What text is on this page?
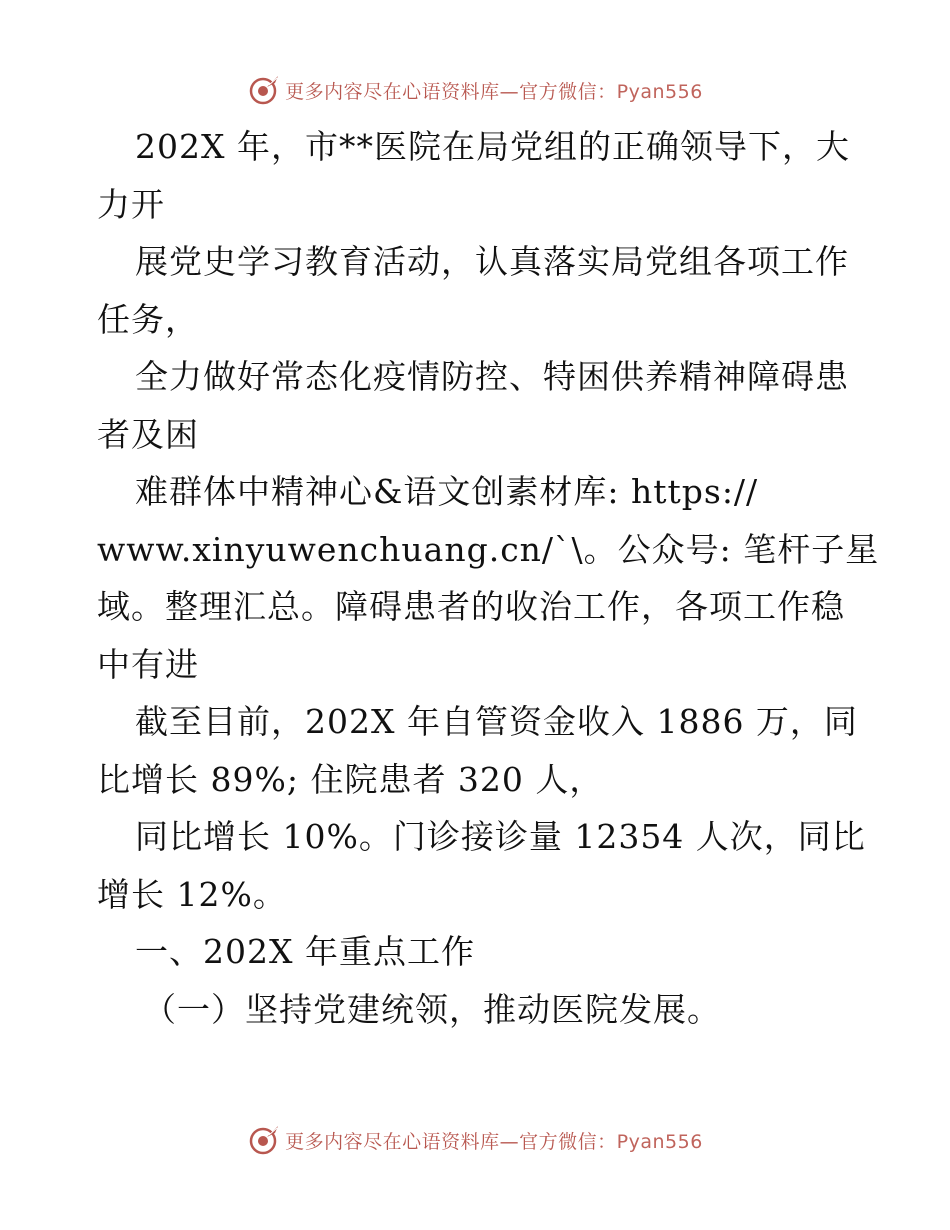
更多内容尽在心语资料库—官方微信：Pyan556
202X 年，市**医院在局党组的正确领导下，大
力开
展党史学习教育活动，认真落实局党组各项工作
任务，
全力做好常态化疫情防控、特困供养精神障碍患
者及困
难群体中精神心&语文创素材库: https://
www.xinyuwenchuang.cn/`\。公众号: 笔杆子星
域。整理汇总。障碍患者的收治工作，各项工作稳
中有进
截至目前，202X 年自管资金收入 1886 万，同
比增长 89%; 住院患者 320 人，
同比增长 10%。门诊接诊量 12354 人次，同比
增长 12%。
一、202X 年重点工作
（一）坚持党建统领，推动医院发展。
更多内容尽在心语资料库—官方微信：Pyan556
